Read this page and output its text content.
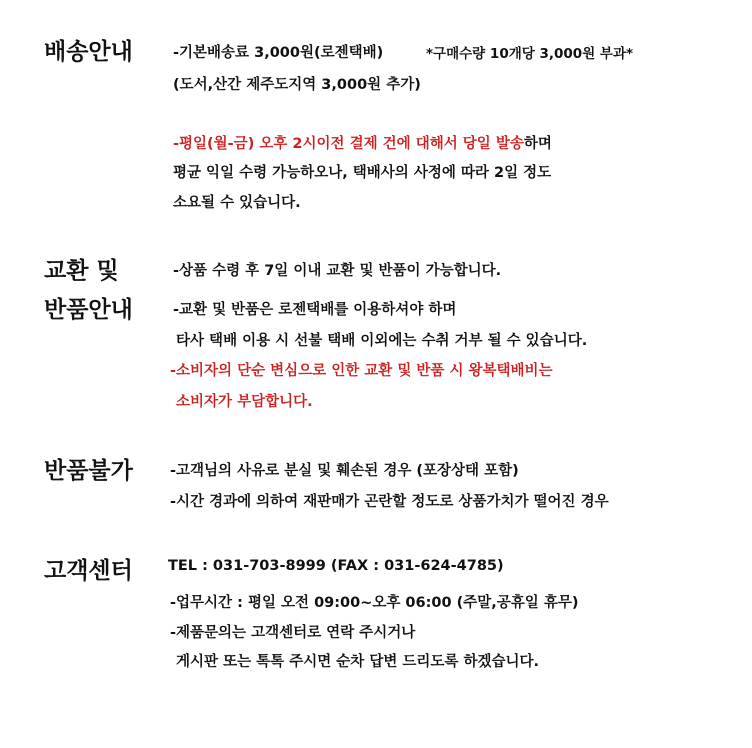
배송안내	-기본배송료 3,000원(로젠택배)	*구매수량 10개당 3,000원 부과*
(도서,산간 제주도지역 3,000원 추가)
-평일(월-금) 오후 2시이전 결제 건에 대해서 당일 발송하며
평균 익일 수령 가능하오나, 택배사의 사정에 따라 2일 정도
소요될 수 있습니다.
교환 및
반품안내
-상품 수령 후 7일 이내 교환 및 반품이 가능합니다.
-교환 및 반품은 로젠택배를 이용하셔야 하며
타사 택배 이용 시 선불 택배 이외에는 수취 거부 될 수 있습니다.
-소비자의 단순 변심으로 인한 교환 및 반품 시 왕복택배비는
소비자가 부담합니다.
반품불가	-고객님의 사유로 분실 및 훼손된 경우 (포장상태 포함)
-시간 경과에 의하여 재판매가 곤란할 정도로 상품가치가 떨어진 경우
고객센터 TEL : 031-703-8999 (FAX : 031-624-4785)
-업무시간 : 평일 오전 09:00~오후 06:00 (주말,공휴일 휴무)
-제품문의는 고객센터로 연락 주시거나
게시판 또는 톡톡 주시면 순차 답변 드리도록 하겠습니다.
